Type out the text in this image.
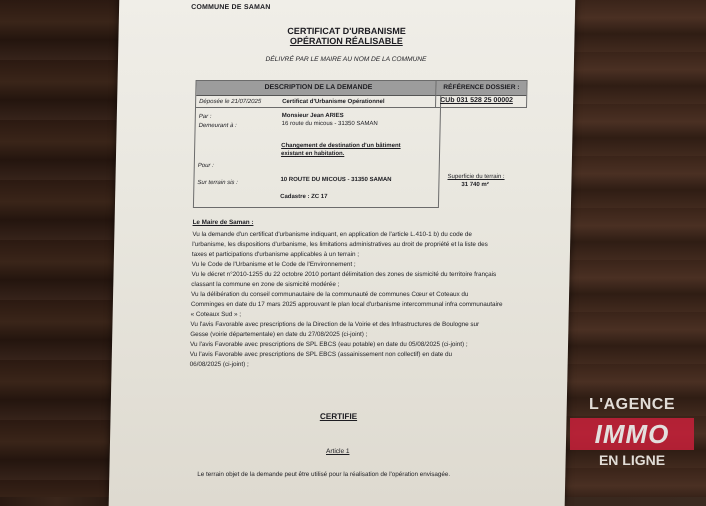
COMMUNE DE SAMAN
CERTIFICAT D'URBANISME
OPÉRATION RÉALISABLE
DÉLIVRÉ PAR LE MAIRE AU NOM DE LA COMMUNE
DESCRIPTION DE LA DEMANDE
Déposée le 21/07/2025	Certificat d'Urbanisme Opérationnel
Par :
Demeurant à :
Monsieur Jean ARIES
16 route du micous - 31350 SAMAN
Changement de destination d'un bâtiment
existant en habitation.
Pour :
Sur terrain sis :	10 ROUTE DU MICOUS - 31350 SAMAN
Cadastre : ZC 17
RÉFÉRENCE DOSSIER :
CUb 031 528 25 00002
Superficie du terrain :
31 740 m²
Le Maire de Saman :
Vu la demande d'un certificat d'urbanisme indiquant, en application de l'article L.410-1 b) du code de
l'urbanisme, les dispositions d'urbanisme, les limitations administratives au droit de propriété et la liste des
taxes et participations d'urbanisme applicables à un terrain ;
Vu le Code de l'Urbanisme et le Code de l'Environnement ;
Vu le décret n°2010-1255 du 22 octobre 2010 portant délimitation des zones de sismicité du territoire français
classant la commune en zone de sismicité modérée ;
Vu la délibération du conseil communautaire de la communauté de communes Cœur et Coteaux du
Comminges en date du 17 mars 2025 approuvant le plan local d'urbanisme intercommunal infra communautaire
« Coteaux Sud » ;
Vu l'avis Favorable avec prescriptions de la Direction de la Voirie et des Infrastructures de Boulogne sur
Gesse (voirie départementale) en date du 27/08/2025 (ci-joint) ;
Vu l'avis Favorable avec prescriptions de SPL EBCS (eau potable) en date du 05/08/2025 (ci-joint) ;
Vu l'avis Favorable avec prescriptions de SPL EBCS (assainissement non collectif) en date du
06/08/2025 (ci-joint) ;
CERTIFIE
Article 1
Le terrain objet de la demande peut être utilisé pour la réalisation de l'opération envisagée.
L'AGENCE
IMMO
EN LIGNE
